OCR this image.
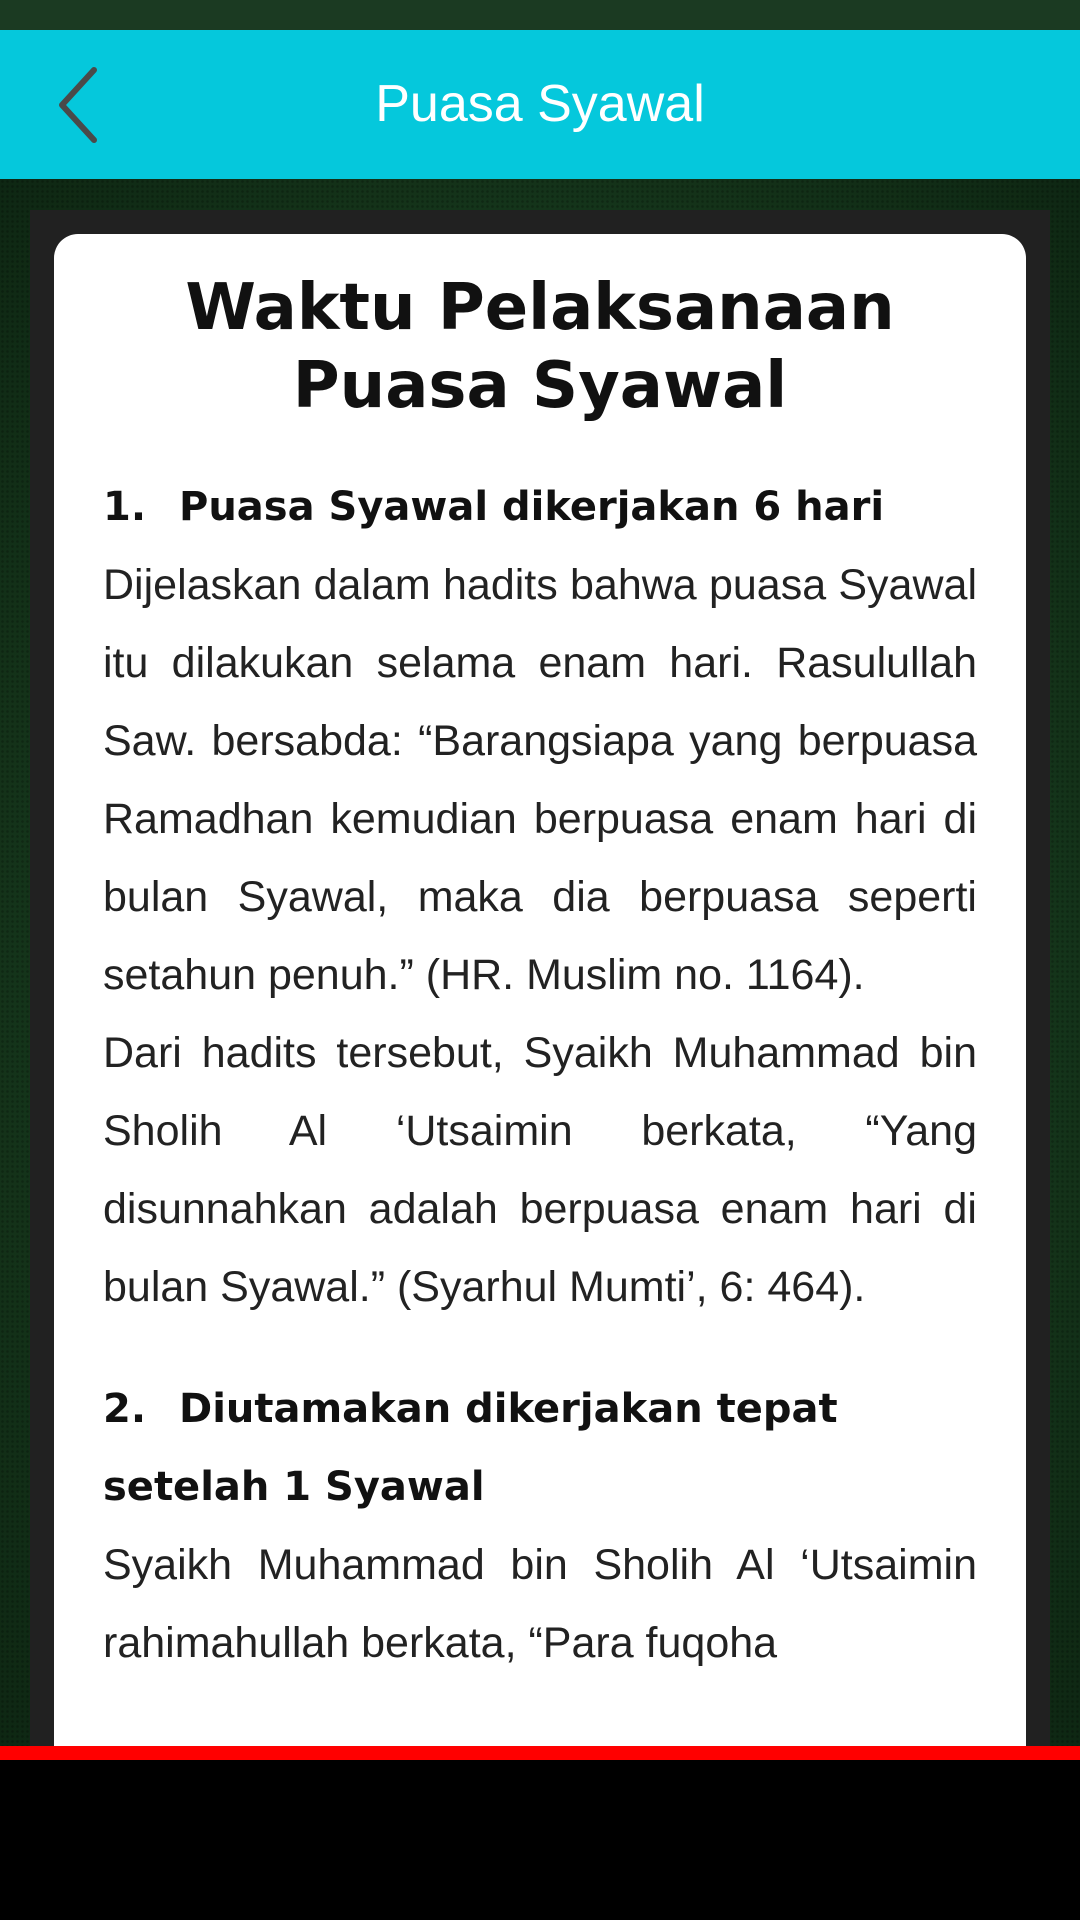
Puasa Syawal
Waktu Pelaksanaan Puasa Syawal
1. Puasa Syawal dikerjakan 6 hari

Dijelaskan dalam hadits bahwa puasa Syawal itu dilakukan selama enam hari. Rasulullah Saw. bersabda: “Barangsiapa yang berpuasa Ramadhan kemudian berpuasa enam hari di bulan Syawal, maka dia berpuasa seperti setahun penuh.” (HR. Muslim no. 1164).

Dari hadits tersebut, Syaikh Muhammad bin Sholih Al ‘Utsaimin berkata, “Yang disunnahkan adalah berpuasa enam hari di bulan Syawal.” (Syarhul Mumti’, 6: 464).

2. Diutamakan dikerjakan tepat setelah 1 Syawal

Syaikh Muhammad bin Sholih Al ‘Utsaimin rahimahullah berkata, “Para fuqoha
